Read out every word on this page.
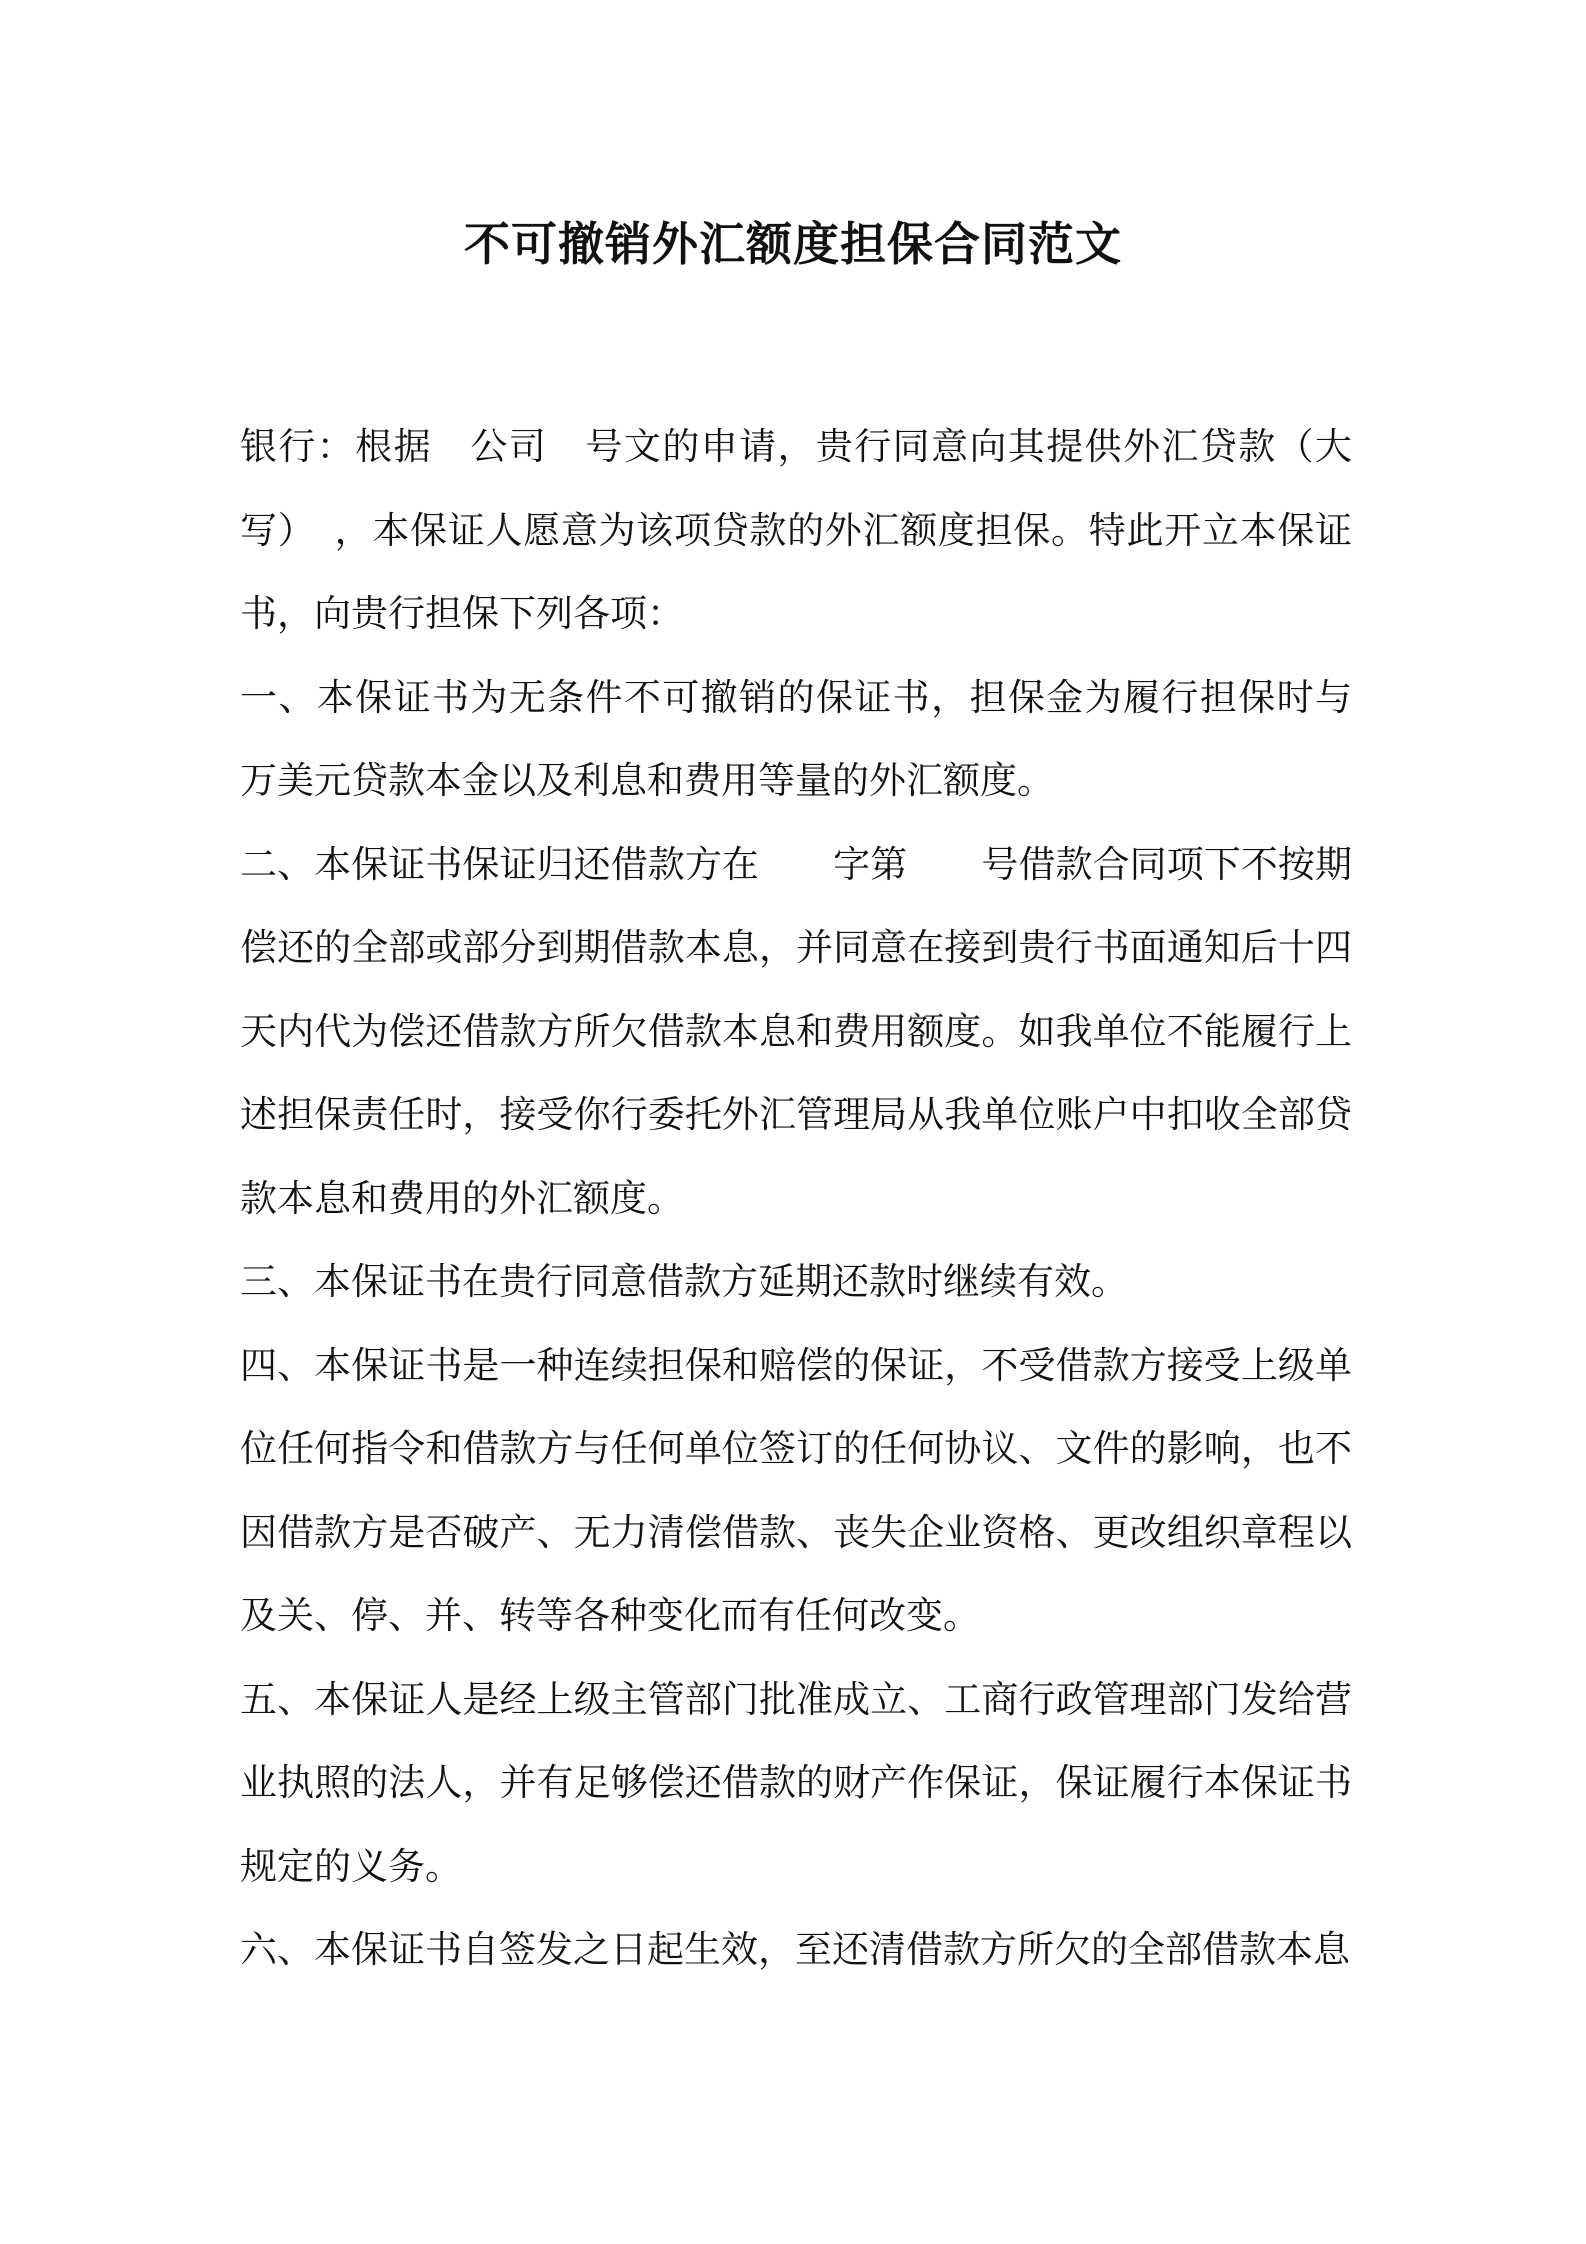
不可撤销外汇额度担保合同范文

银行：根据　公司　号文的申请，贵行同意向其提供外汇贷款（大写）　，本保证人愿意为该项贷款的外汇额度担保。特此开立本保证书，向贵行担保下列各项：

一、本保证书为无条件不可撤销的保证书，担保金为履行担保时与　万美元贷款本金以及利息和费用等量的外汇额度。

二、本保证书保证归还借款方在　　字第　　号借款合同项下不按期偿还的全部或部分到期借款本息，并同意在接到贵行书面通知后十四天内代为偿还借款方所欠借款本息和费用额度。如我单位不能履行上述担保责任时，接受你行委托外汇管理局从我单位账户中扣收全部贷款本息和费用的外汇额度。

三、本保证书在贵行同意借款方延期还款时继续有效。

四、本保证书是一种连续担保和赔偿的保证，不受借款方接受上级单位任何指令和借款方与任何单位签订的任何协议、文件的影响，也不因借款方是否破产、无力清偿借款、丧失企业资格、更改组织章程以及关、停、并、转等各种变化而有任何改变。

五、本保证人是经上级主管部门批准成立、工商行政管理部门发给营业执照的法人，并有足够偿还借款的财产作保证，保证履行本保证书规定的义务。

六、本保证书自签发之日起生效，至还清借款方所欠的全部借款本息
